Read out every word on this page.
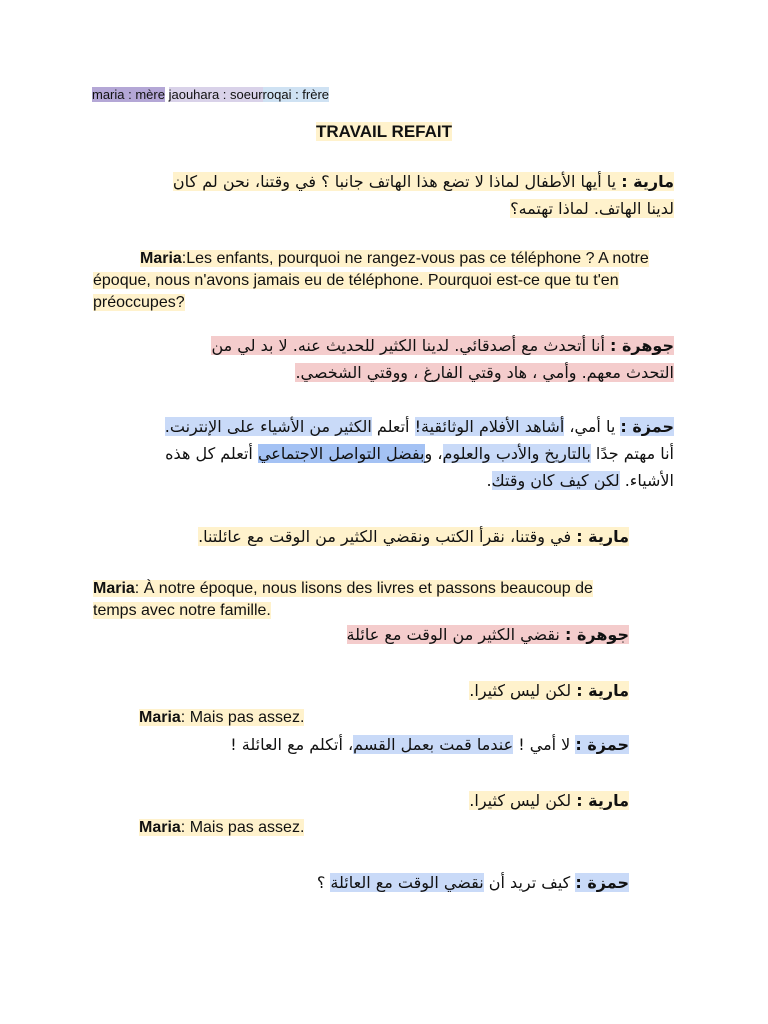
maria : mère jaouhara : soeurroqai : frère
TRAVAIL REFAIT
مارية : يا أيها الأطفال لماذا لا تضع هذا الهاتف جانبا ؟ في وقتنا، نحن لم كان
لدينا الهاتف. لماذا تهتمه؟
Maria:Les enfants, pourquoi ne rangez-vous pas ce téléphone ? A notre
époque, nous n'avons jamais eu de téléphone. Pourquoi est-ce que tu t'en
préoccupes?
جوهرة : أنا أتحدث مع أصدقائي. لدينا الكثير للحديث عنه. لا بد لي من
التحدث معهم. وأمي ، هاد وقتي الفارغ ، ووقتي الشخصي.
حمزة : يا أمي، أشاهد الأفلام الوثائقية! أتعلم الكثير من الأشياء على الإنترنت.
أنا مهتم جدًا بالتاريخ والأدب والعلوم، وبفضل التواصل الاجتماعي أتعلم كل هذه
الأشياء. لكن كيف كان وقتك.
مارية : في وقتنا، نقرأ الكتب ونقضي الكثير من الوقت مع عائلتنا.
Maria: À notre époque, nous lisons des livres et passons beaucoup de
temps avec notre famille.
جوهرة : نقضي الكثير من الوقت مع عائلة
مارية : لكن ليس كثيرا.
Maria: Mais pas assez.
حمزة : لا أمي ! عندما قمت بعمل القسم، أتكلم مع العائلة !
مارية : لكن ليس كثيرا.
Maria: Mais pas assez.
حمزة : كيف تريد أن نقضي الوقت مع العائلة ؟
